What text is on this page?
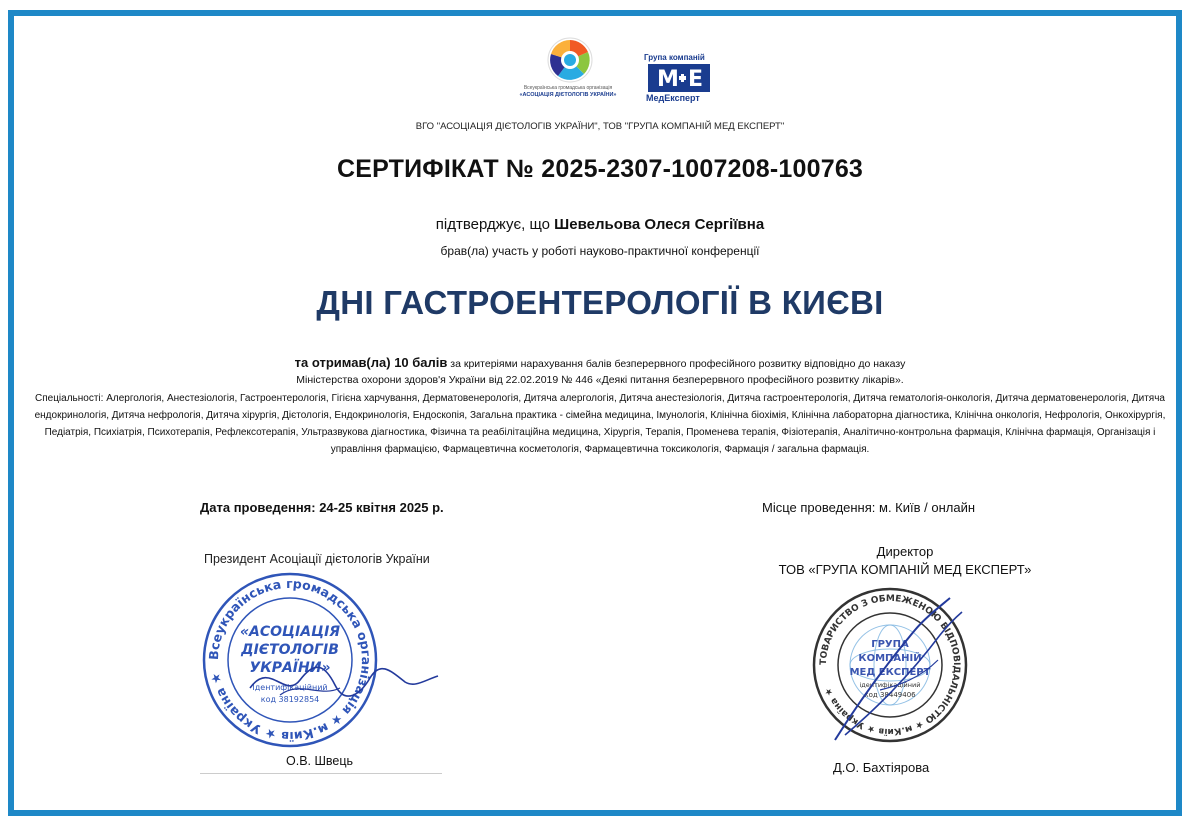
Всеукраїнська громадська організація
«АСОЦІАЦІЯ ДІЄТОЛОГІВ УКРАЇНИ»
Група компаній
М Е
МедЕксперт
ВГО "АСОЦІАЦІЯ ДІЄТОЛОГІВ УКРАЇНИ", ТОВ "ГРУПА КОМПАНІЙ МЕД ЕКСПЕРТ"
СЕРТИФІКАТ № 2025-2307-1007208-100763
підтверджує, що Шевельова Олеся Сергіївна
брав(ла) участь у роботі науково-практичної конференції
ДНІ ГАСТРОЕНТЕРОЛОГІЇ В КИЄВІ
та отримав(ла) 10 балів за критеріями нарахування балів безперервного професійного розвитку відповідно до наказу
Міністерства охорони здоров'я України від 22.02.2019 № 446 «Деякі питання безперервного професійного розвитку лікарів».
Спеціальності: Алергологія, Анестезіологія, Гастроентерологія, Гігієна харчування, Дерматовенерологія, Дитяча алергологія, Дитяча анестезіологія, Дитяча гастроентерологія, Дитяча гематологія-онкологія, Дитяча дерматовенерологія, Дитяча ендокринологія, Дитяча нефрологія, Дитяча хірургія, Дієтологія, Ендокринологія, Ендоскопія, Загальна практика - сімейна медицина, Імунологія, Клінічна біохімія, Клінічна лабораторна діагностика, Клінічна онкологія, Нефрологія, Онкохірургія, Педіатрія, Психіатрія, Психотерапія, Рефлексотерапія, Ультразвукова діагностика, Фізична та реабілітаційна медицина, Хірургія, Терапія, Променева терапія, Фізіотерапія, Аналітично-контрольна фармація, Клінічна фармація, Організація і управління фармацією, Фармацевтична косметологія, Фармацевтична токсикологія, Фармація / загальна фармація.
Дата проведення: 24-25 квітня 2025 р.	Місце проведення: м. Київ / онлайн
Президент Асоціації дієтологів України
Всеукраїнська громадська організація ★ м.Київ ★ Україна ★
«АСОЦІАЦІЯ
ДІЄТОЛОГІВ
УКРАЇНИ»
Ідентифікаційний
код 38192854
О.В. Швець
Директор
ТОВ «ГРУПА КОМПАНІЙ МЕД ЕКСПЕРТ»
ТОВАРИСТВО З ОБМЕЖЕНОЮ ВІДПОВІДАЛЬНІСТЮ ★ м.Київ ★ Україна ★
ГРУПА
КОМПАНІЙ
МЕД ЕКСПЕРТ
ідентифікаційний
код 38449406
Д.О. Бахтіярова
